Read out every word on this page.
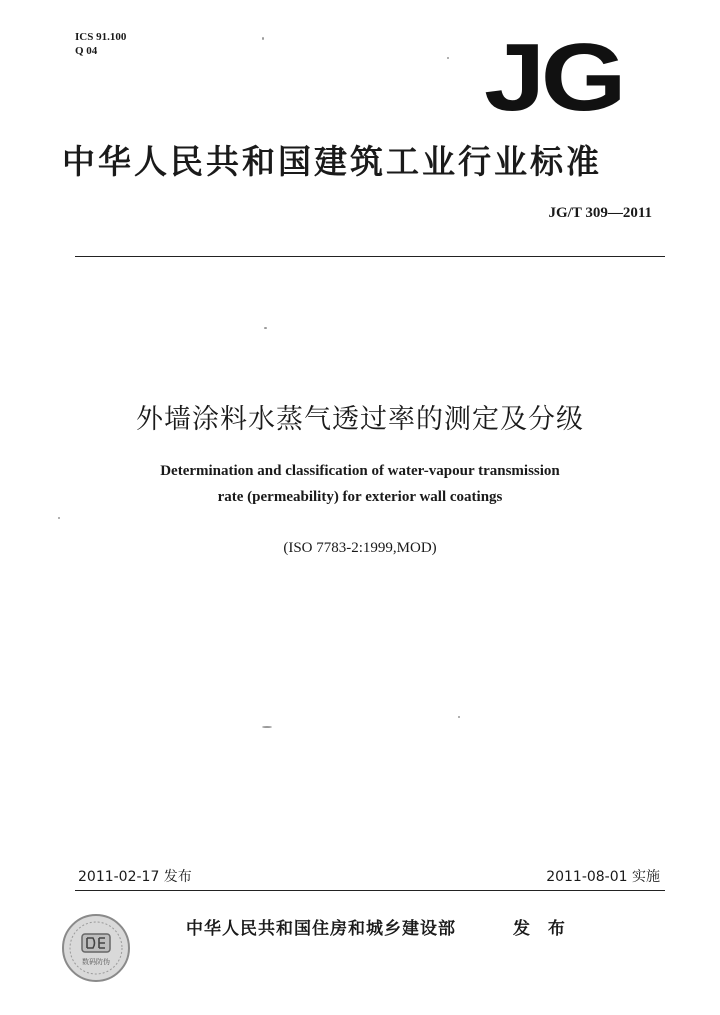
ICS 91.100
Q 04	JG
中华人民共和国建筑工业行业标准
JG/T 309—2011
外墙涂料水蒸气透过率的测定及分级
Determination and classification of water-vapour transmission
rate (permeability) for exterior wall coatings
(ISO 7783-2:1999,MOD)
2011-02-17 发布	2011-08-01 实施
数码防伪
中华人民共和国住房和城乡建设部	发 布
